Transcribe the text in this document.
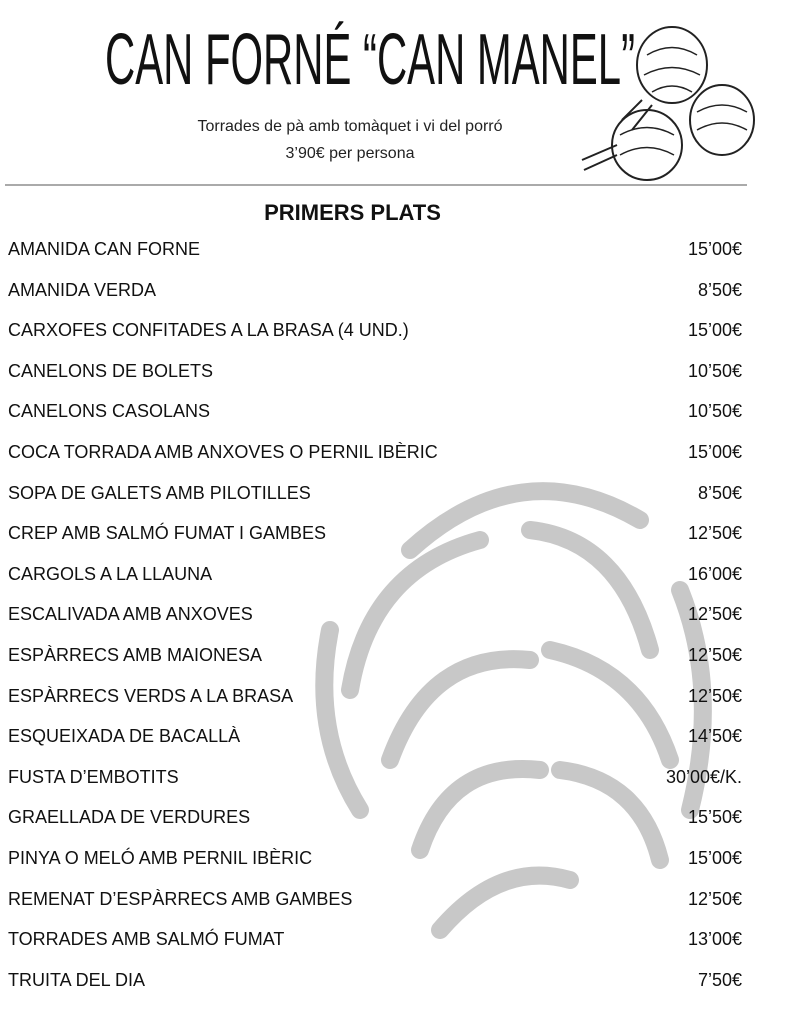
CAN FORNÉ “CAN MANEL”
Torrades de pà amb tomàquet i vi del porró
3’90€ per persona
PRIMERS PLATS
AMANIDA CAN FORNE	15’00€
AMANIDA VERDA	8’50€
CARXOFES CONFITADES A LA BRASA (4 UND.)	15’00€
CANELONS DE BOLETS	10’50€
CANELONS CASOLANS	10’50€
COCA TORRADA AMB ANXOVES O PERNIL IBÈRIC	15’00€
SOPA DE GALETS AMB PILOTILLES	8’50€
CREP AMB SALMÓ FUMAT I GAMBES	12’50€
CARGOLS A LA LLAUNA	16’00€
ESCALIVADA AMB ANXOVES	12’50€
ESPÀRRECS AMB MAIONESA	12’50€
ESPÀRRECS VERDS A LA BRASA	12’50€
ESQUEIXADA DE BACALLÀ	14’50€
FUSTA D’EMBOTITS	30’00€/K.
GRAELLADA DE VERDURES	15’50€
PINYA O MELÓ AMB PERNIL IBÈRIC	15’00€
REMENAT D’ESPÀRRECS AMB GAMBES	12’50€
TORRADES AMB SALMÓ FUMAT	13’00€
TRUITA DEL DIA	7’50€
